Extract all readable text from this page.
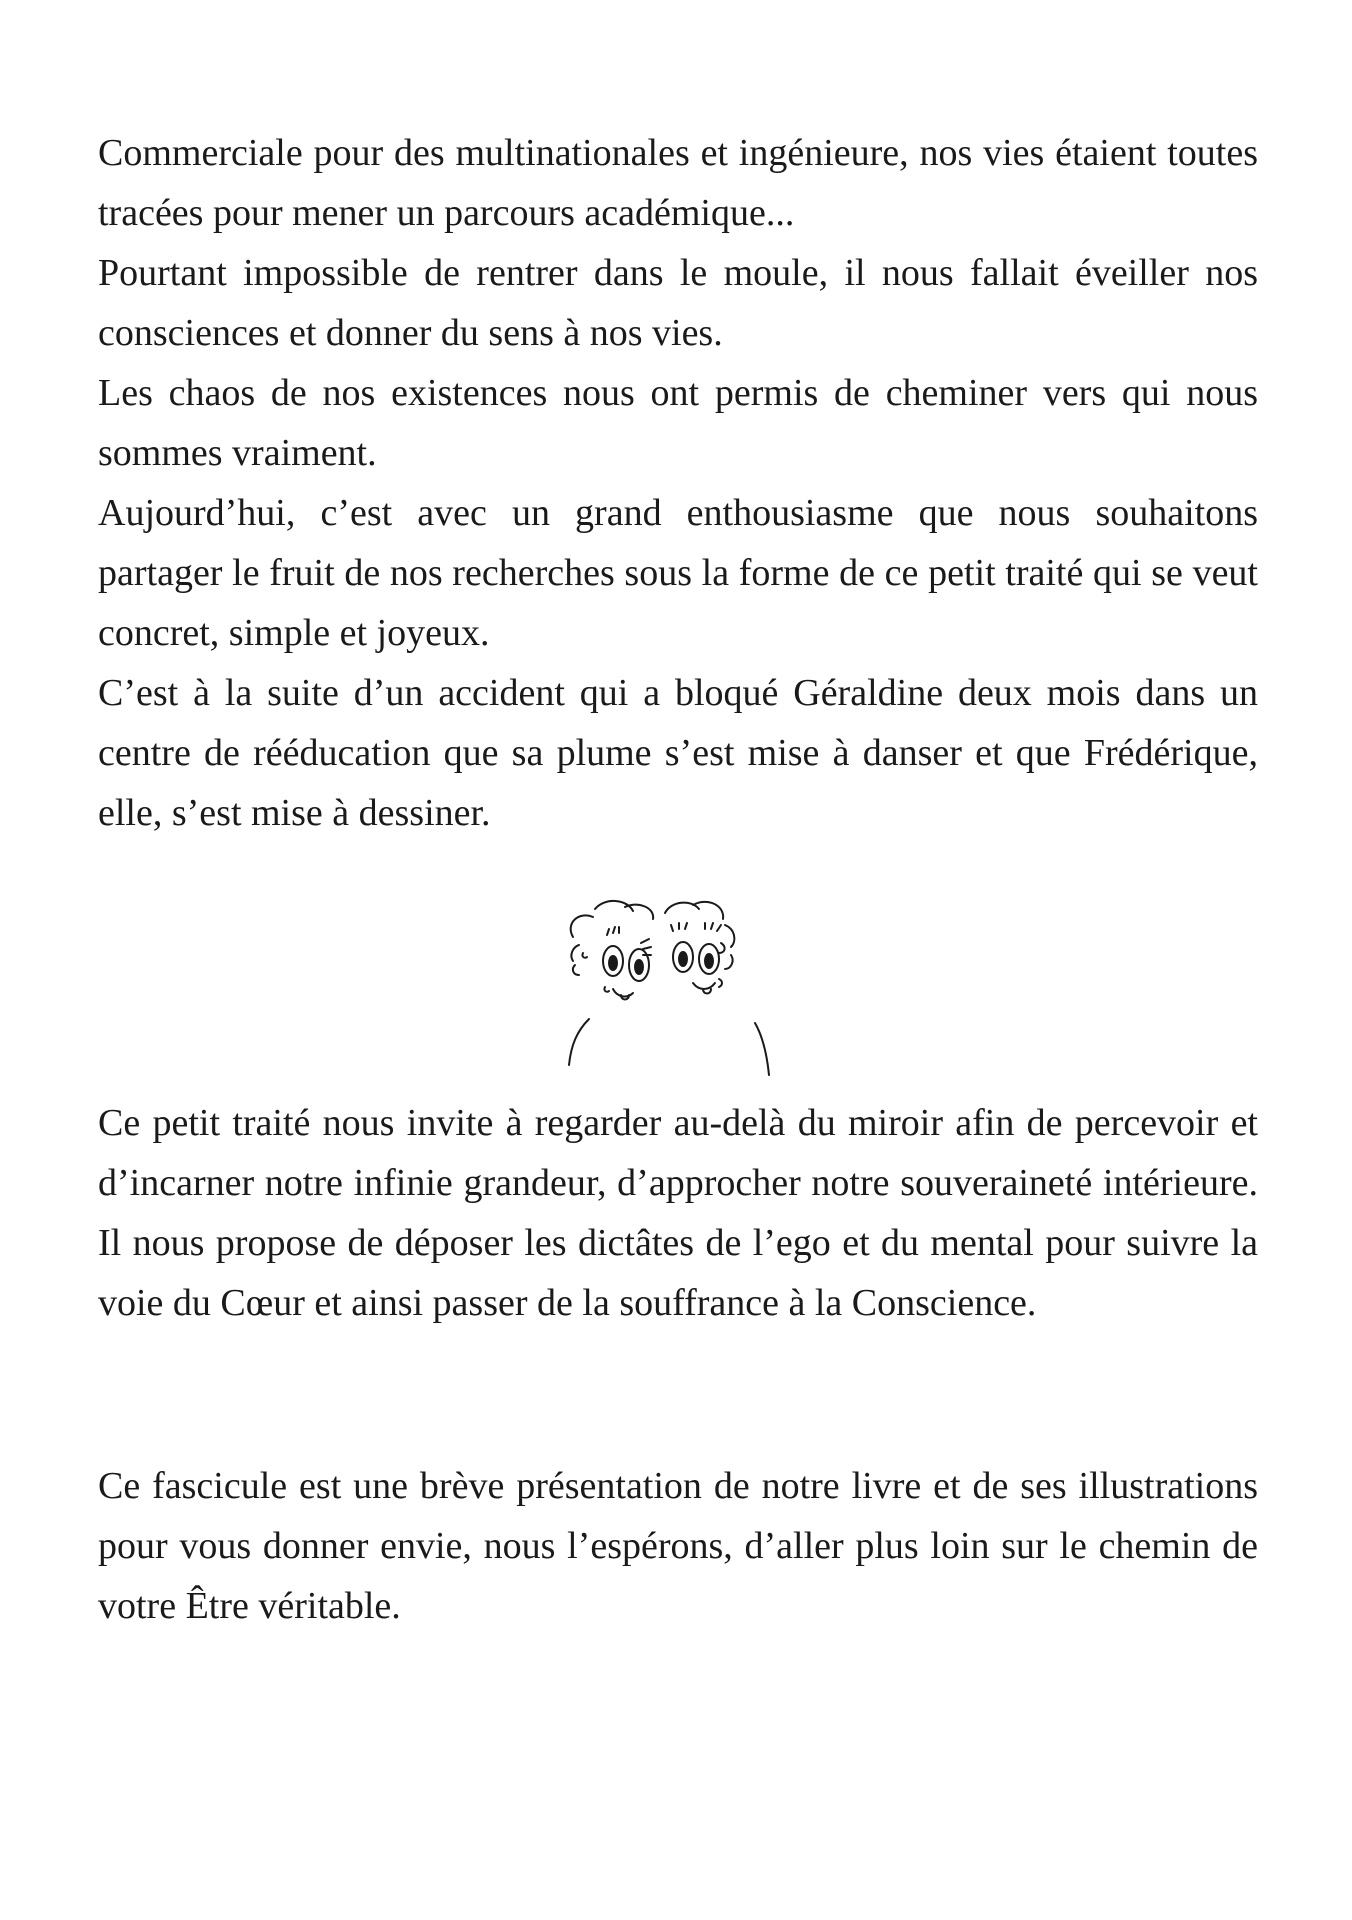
Commerciale pour des multinationales et ingénieure, nos vies étaient toutes tracées pour mener un parcours académique...

Pourtant impossible de rentrer dans le moule, il nous fallait éveiller nos consciences et donner du sens à nos vies.

Les chaos de nos existences nous ont permis de cheminer vers qui nous sommes vraiment.

Aujourd’hui, c’est avec un grand enthousiasme que nous souhaitons partager le fruit de nos recherches sous la forme de ce petit traité qui se veut concret, simple et joyeux.

C’est à la suite d’un accident qui a bloqué Géraldine deux mois dans un centre de rééducation que sa plume s’est mise à danser et que Frédérique, elle, s’est mise à dessiner.

Ce petit traité nous invite à regarder au-delà du miroir afin de percevoir et d’incarner notre infinie grandeur, d’approcher notre souveraineté intérieure. Il nous propose de déposer les dictâtes de l’ego et du mental pour suivre la voie du Cœur et ainsi passer de la souffrance à la Conscience.

Ce fascicule est une brève présentation de notre livre et de ses illustrations pour vous donner envie, nous l’espérons, d’aller plus loin sur le chemin de votre Être véritable.
